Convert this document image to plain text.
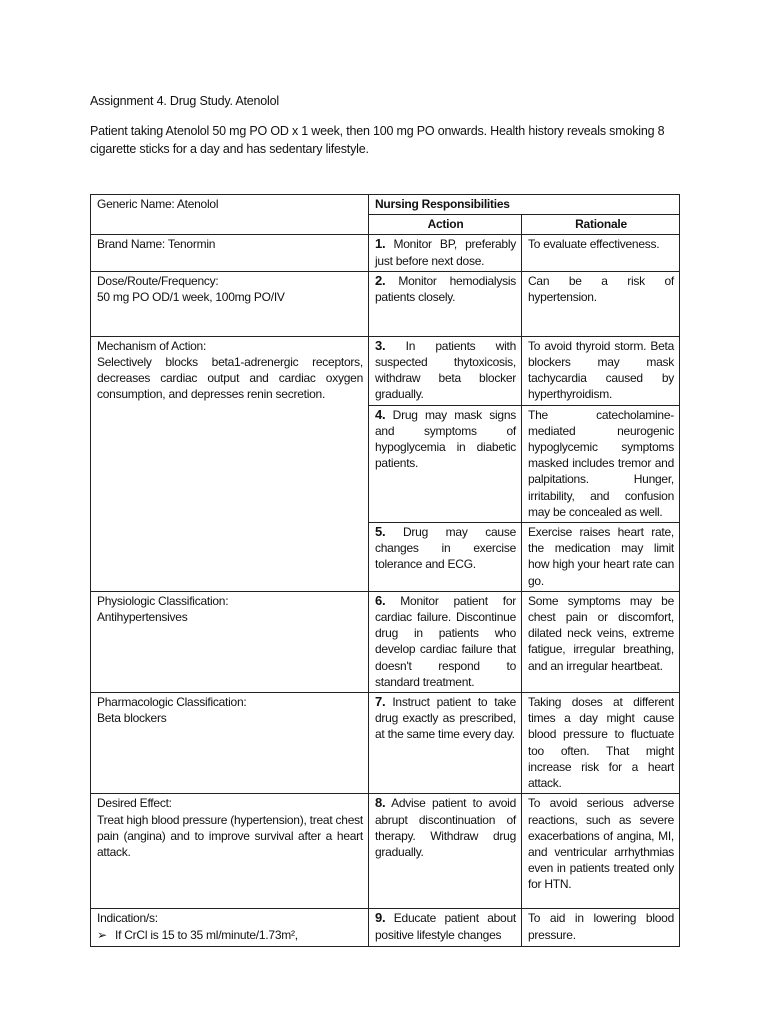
Assignment 4. Drug Study. Atenolol
Patient taking Atenolol 50 mg PO OD x 1 week, then 100 mg PO onwards. Health history reveals smoking 8 cigarette sticks for a day and has sedentary lifestyle.
Generic Name: Atenolol	Nursing Responsibilities	
	Action	Rationale
Brand Name: Tenormin	1. Monitor BP, preferably just before next dose.	To evaluate effectiveness.

Dose/Route/Frequency:
50 mg PO OD/1 week, 100mg PO/IV	2. Monitor hemodialysis patients closely.	Can be a risk of hypertension.

Mechanism of Action:
Selectively blocks beta1-adrenergic receptors, decreases cardiac output and cardiac oxygen consumption, and depresses renin secretion.	3. In patients with suspected thytoxicosis, withdraw beta blocker gradually.	To avoid thyroid storm. Beta blockers may mask tachycardia caused by hyperthyroidism.
	4. Drug may mask signs and symptoms of hypoglycemia in diabetic patients.	The catecholamine-mediated neurogenic hypoglycemic symptoms masked includes tremor and palpitations. Hunger, irritability, and confusion may be concealed as well.
	5. Drug may cause changes in exercise tolerance and ECG.	Exercise raises heart rate, the medication may limit how high your heart rate can go.

Physiologic Classification:
Antihypertensives	6. Monitor patient for cardiac failure. Discontinue drug in patients who develop cardiac failure that doesn't respond to standard treatment.	Some symptoms may be chest pain or discomfort, dilated neck veins, extreme fatigue, irregular breathing, and an irregular heartbeat.

Pharmacologic Classification:
Beta blockers	7. Instruct patient to take drug exactly as prescribed, at the same time every day.	Taking doses at different times a day might cause blood pressure to fluctuate too often. That might increase risk for a heart attack.

Desired Effect:
Treat high blood pressure (hypertension), treat chest pain (angina) and to improve survival after a heart attack.	8. Advise patient to avoid abrupt discontinuation of therapy. Withdraw drug gradually.	To avoid serious adverse reactions, such as severe exacerbations of angina, MI, and ventricular arrhythmias even in patients treated only for HTN.

Indication/s:
➢ If CrCl is 15 to 35 ml/minute/1.73m²,	9. Educate patient about positive lifestyle changes	To aid in lowering blood pressure.
